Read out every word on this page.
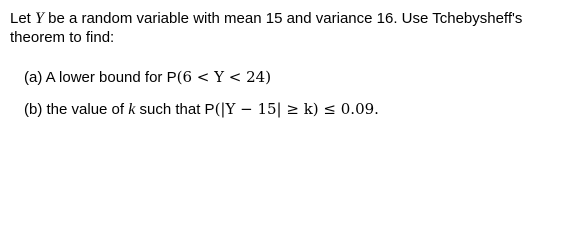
Let Y be a random variable with mean 15 and variance 16. Use Tchebysheff's theorem to find:
(a) A lower bound for P(6 < Y < 24)
(b) the value of k such that P(|Y − 15| ≥ k) ≤ 0.09.
